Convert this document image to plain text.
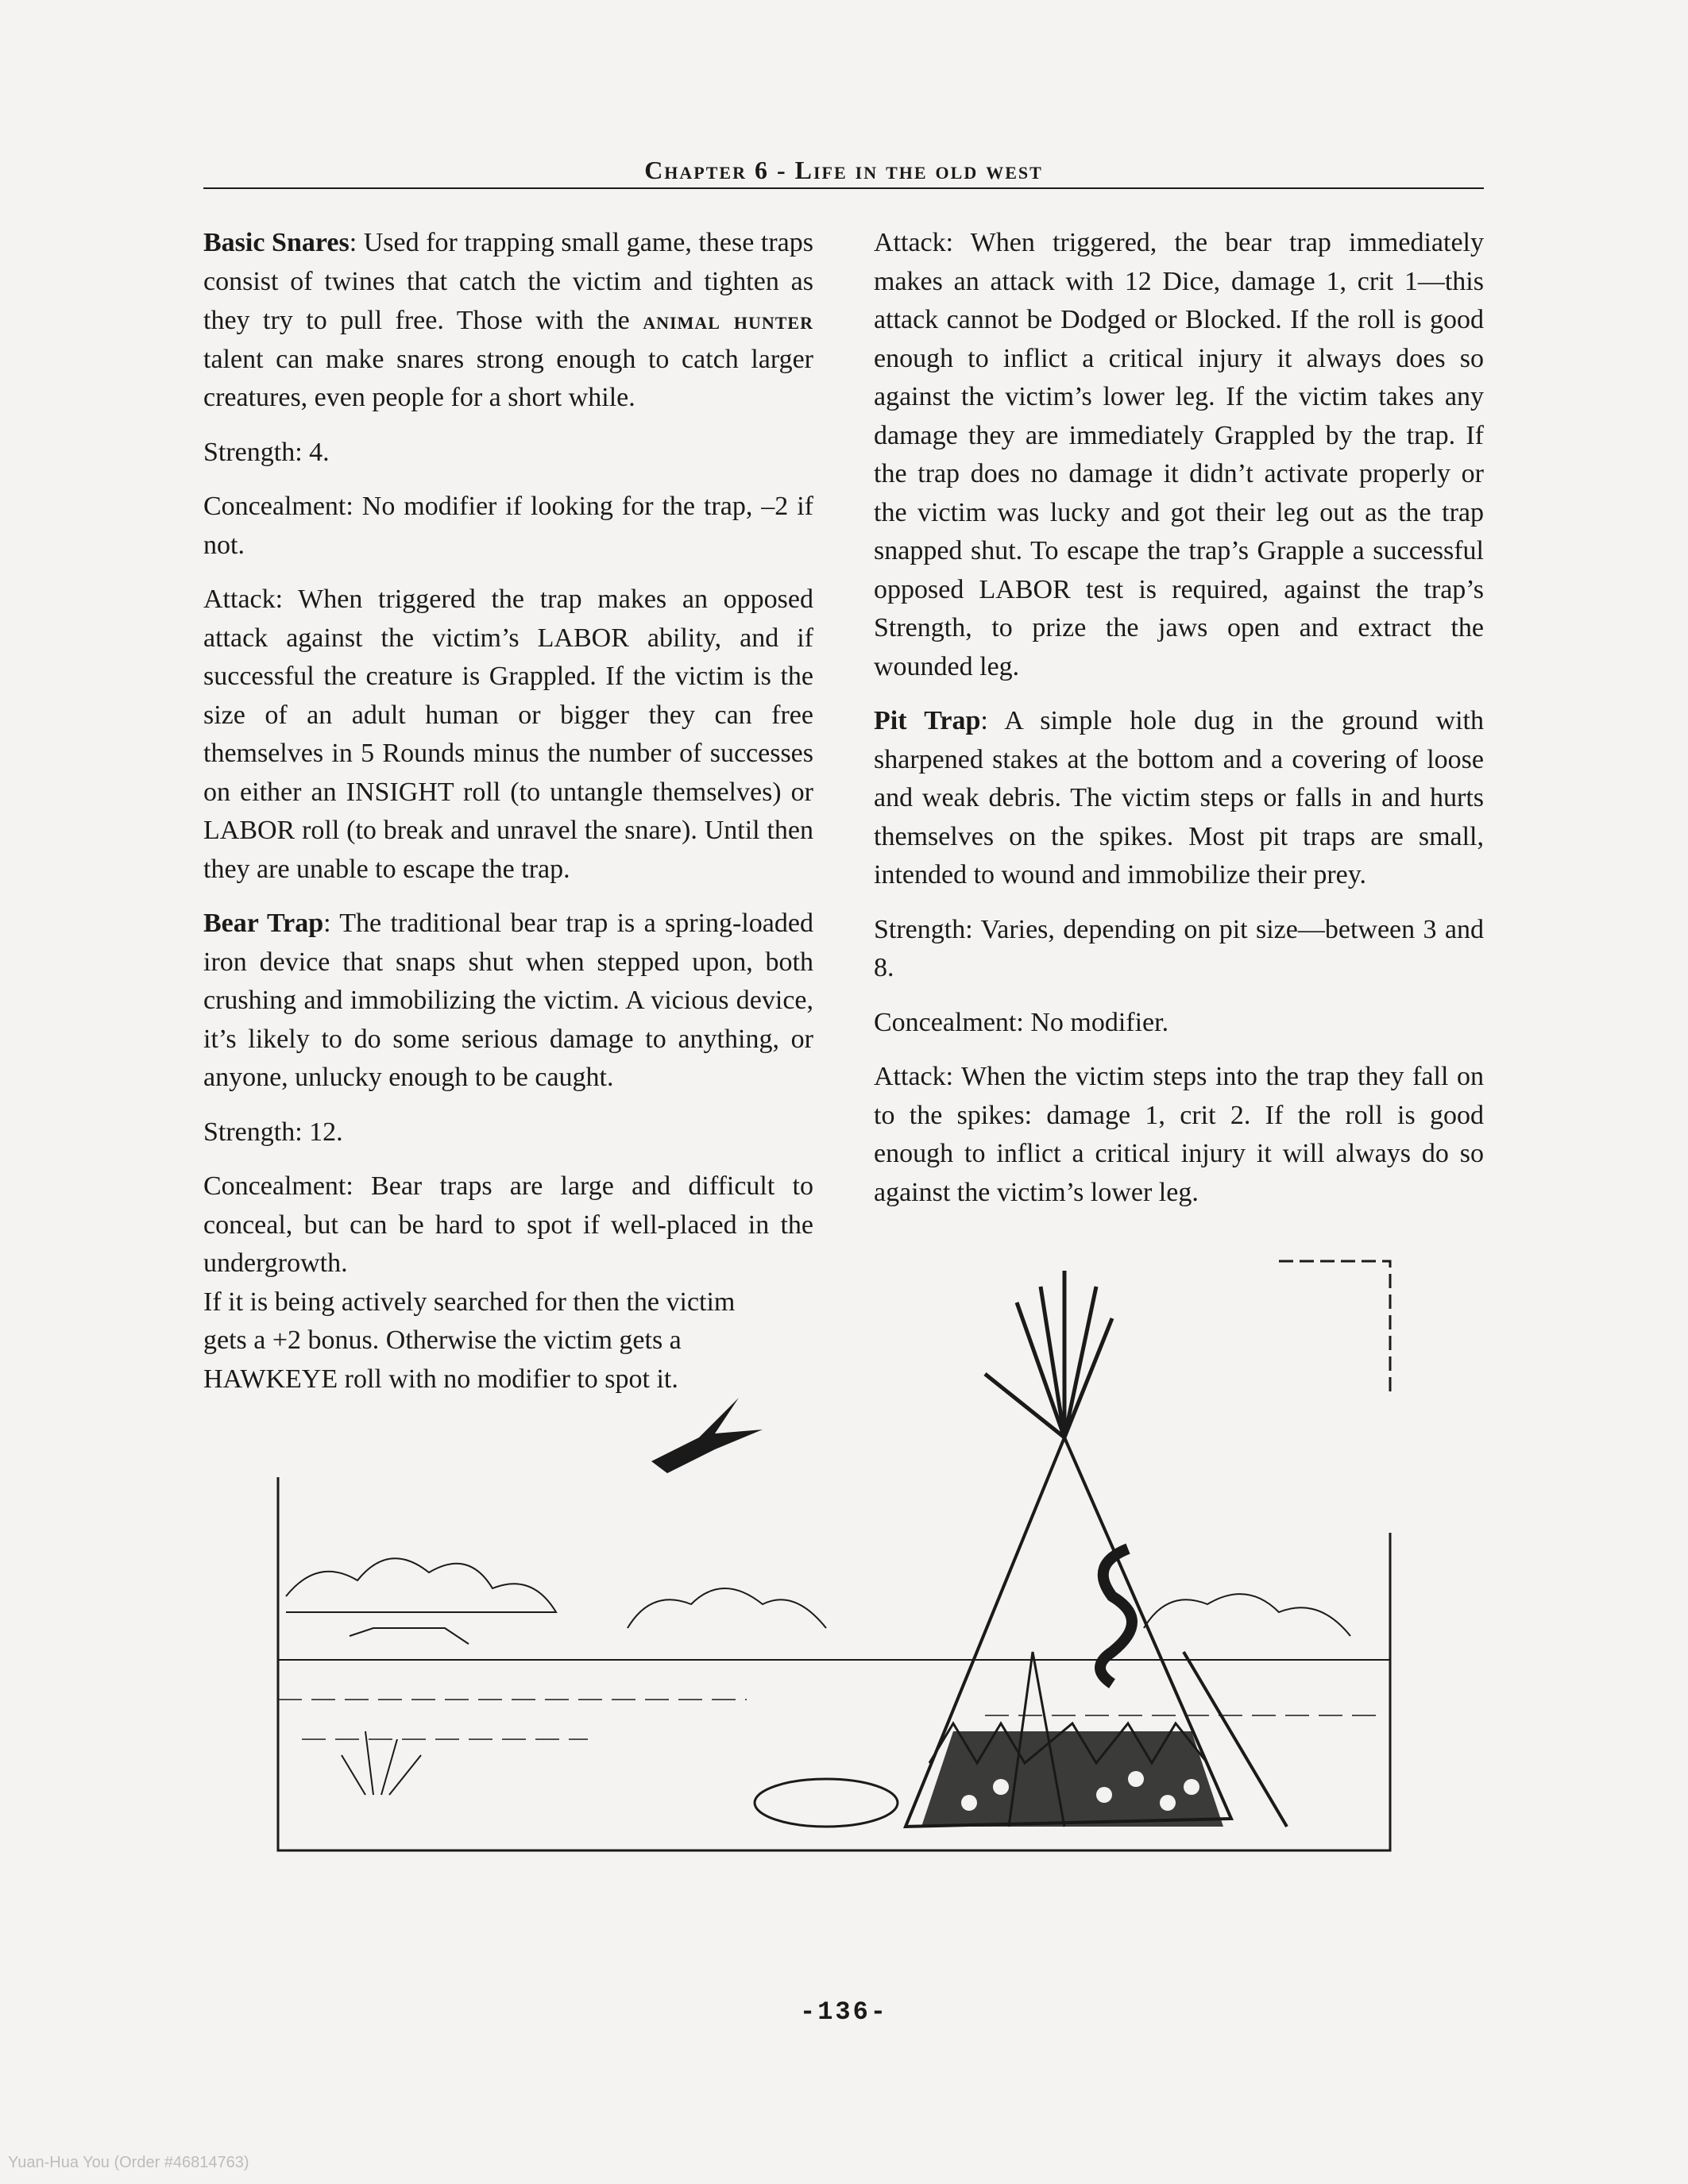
Chapter 6 - Life in the old west

Basic Snares: Used for trapping small game, these traps consist of twines that catch the victim and tighten as they try to pull free. Those with the animal hunter talent can make snares strong enough to catch larger creatures, even people for a short while.

Strength: 4.

Concealment: No modifier if looking for the trap, –2 if not.

Attack: When triggered the trap makes an opposed attack against the victim’s LABOR ability, and if successful the creature is Grappled. If the victim is the size of an adult human or bigger they can free themselves in 5 Rounds minus the number of successes on either an INSIGHT roll (to untangle themselves) or LABOR roll (to break and unravel the snare). Until then they are unable to escape the trap.

Bear Trap: The traditional bear trap is a spring-loaded iron device that snaps shut when stepped upon, both crushing and immobilizing the victim. A vicious device, it’s likely to do some serious damage to anything, or anyone, unlucky enough to be caught.

Strength: 12.

Concealment: Bear traps are large and difficult to conceal, but can be hard to spot if well-placed in the undergrowth.

If it is being actively searched for then the victim gets a +2 bonus. Otherwise the victim gets a HAWKEYE roll with no modifier to spot it.

Attack: When triggered, the bear trap immediately makes an attack with 12 Dice, damage 1, crit 1—this attack cannot be Dodged or Blocked. If the roll is good enough to inflict a critical injury it always does so against the victim’s lower leg. If the victim takes any damage they are immediately Grappled by the trap. If the trap does no damage it didn’t activate properly or the victim was lucky and got their leg out as the trap snapped shut. To escape the trap’s Grapple a successful opposed LABOR test is required, against the trap’s Strength, to prize the jaws open and extract the wounded leg.

Pit Trap: A simple hole dug in the ground with sharpened stakes at the bottom and a covering of loose and weak debris. The victim steps or falls in and hurts themselves on the spikes. Most pit traps are small, intended to wound and immobilize their prey.

Strength: Varies, depending on pit size—between 3 and 8.

Concealment: No modifier.

Attack: When the victim steps into the trap they fall on to the spikes: damage 1, crit 2. If the roll is good enough to inflict a critical injury it will always do so against the victim’s lower leg.

-136-
Yuan-Hua You (Order #46814763)
